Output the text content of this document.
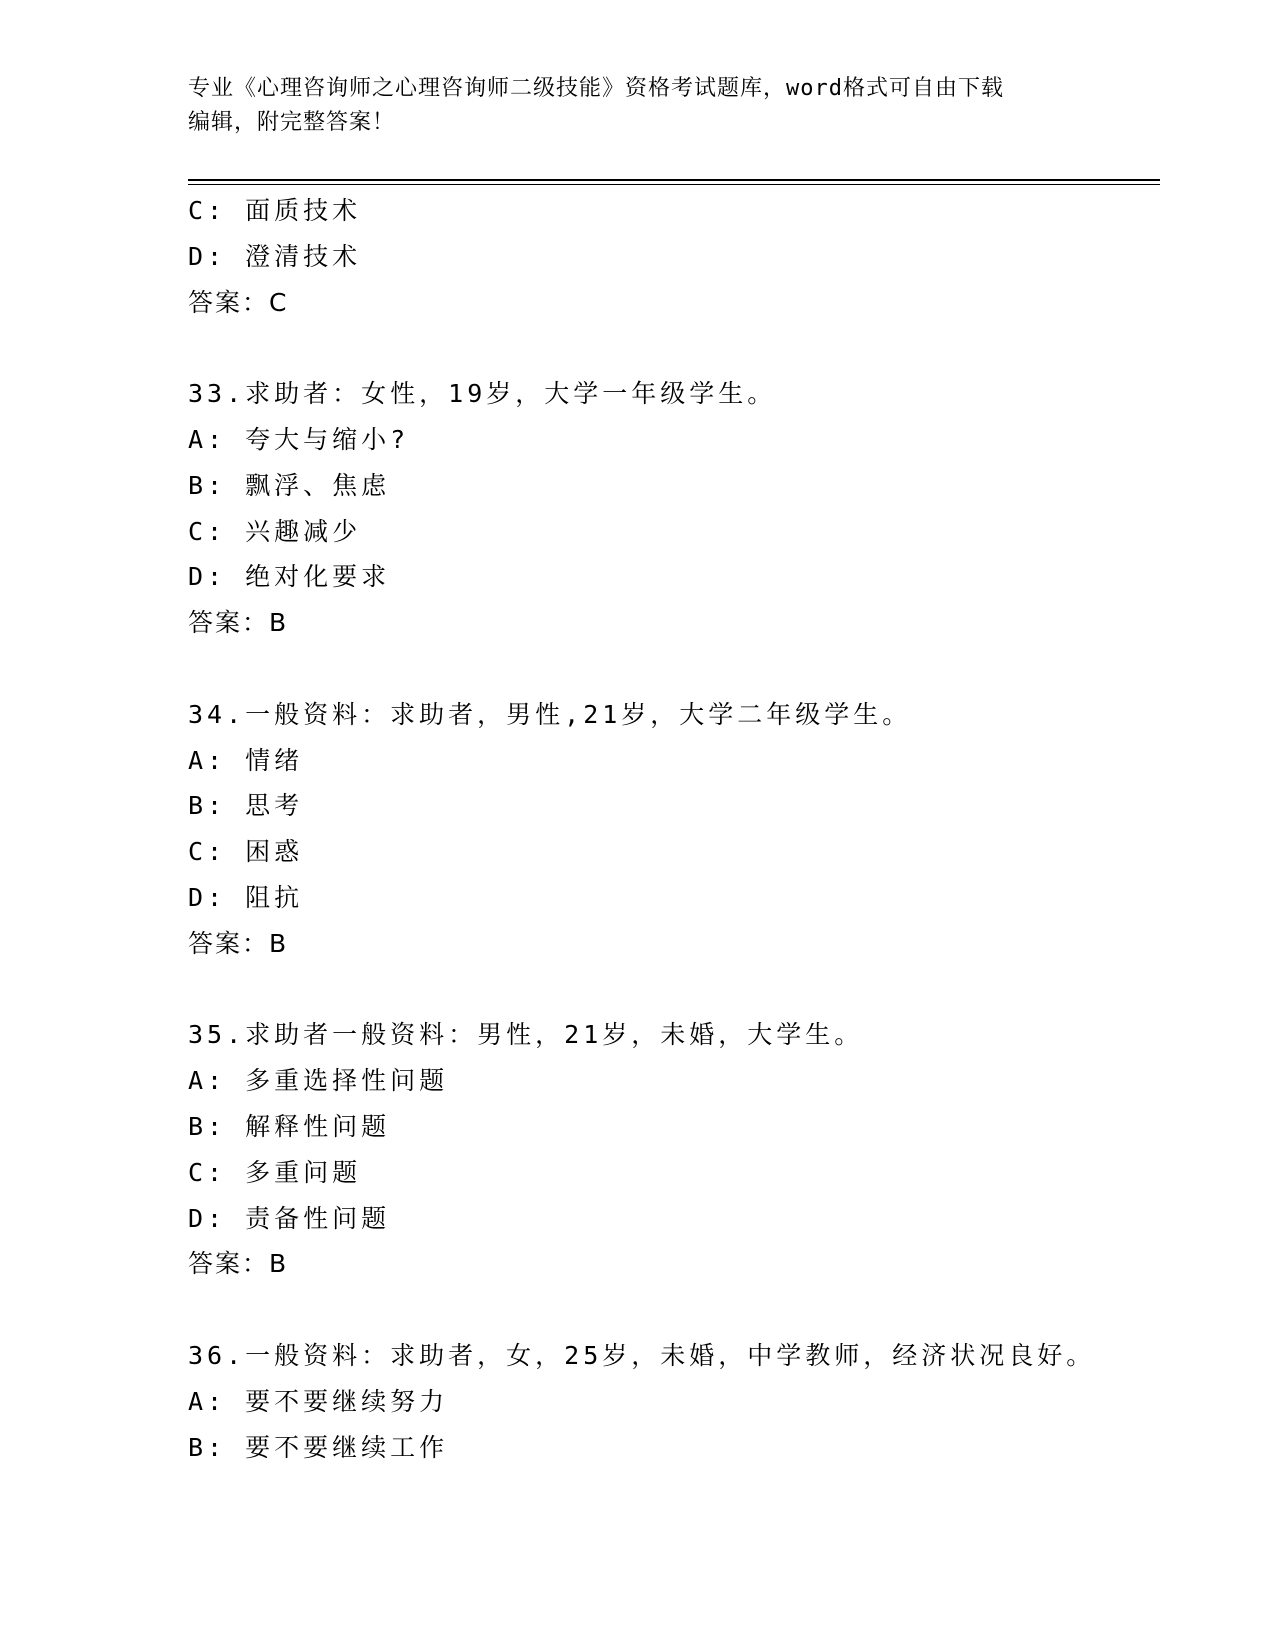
专业《心理咨询师之心理咨询师二级技能》资格考试题库，word格式可自由下载
编辑，附完整答案！
C: 面质技术
D: 澄清技术
答案：C
33.求助者：女性，19岁，大学一年级学生。
A: 夸大与缩小?
B: 飘浮、焦虑
C: 兴趣减少
D: 绝对化要求
答案：B
34.一般资料：求助者，男性,21岁，大学二年级学生。
A: 情绪
B: 思考
C: 困惑
D: 阻抗
答案：B
35.求助者一般资料：男性，21岁，未婚，大学生。
A: 多重选择性问题
B: 解释性问题
C: 多重问题
D: 责备性问题
答案：B
36.一般资料：求助者，女，25岁，未婚，中学教师，经济状况良好。
A: 要不要继续努力
B: 要不要继续工作
